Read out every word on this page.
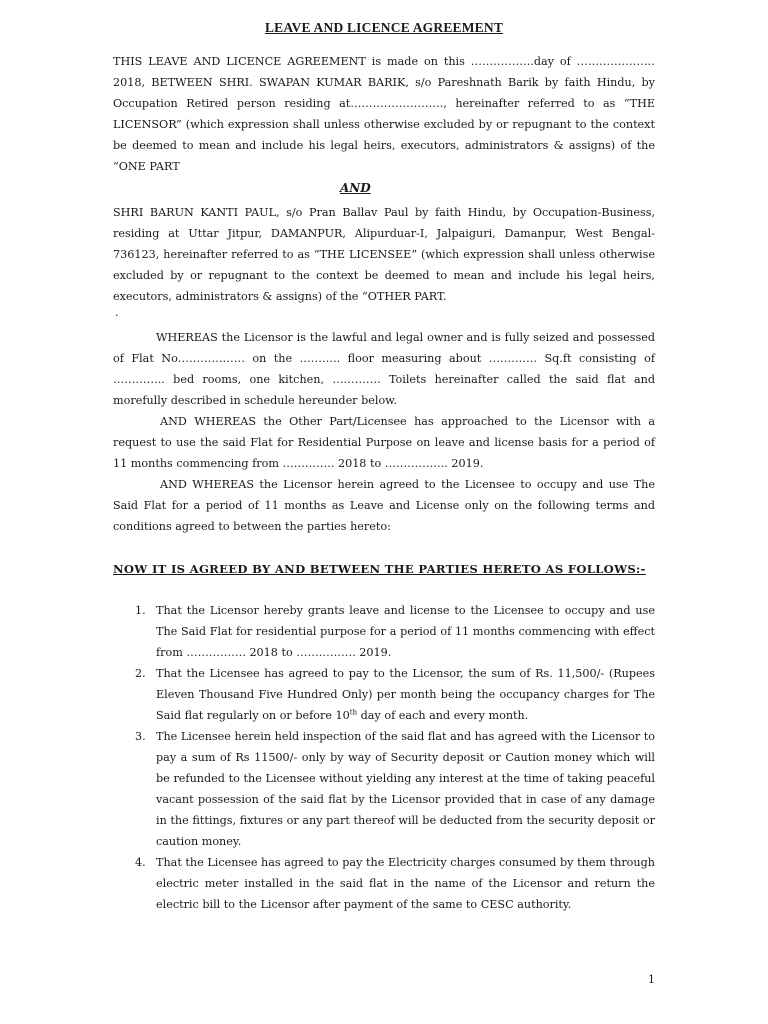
LEAVE AND LICENCE AGREEMENT
THIS LEAVE AND LICENCE AGREEMENT is made on this ……………..day of ………………… 2018, BETWEEN SHRI. SWAPAN KUMAR BARIK, s/o Pareshnath Barik by faith Hindu, by Occupation Retired person residing at……………………., hereinafter referred to as “THE LICENSOR” (which expression shall unless otherwise excluded by or repugnant to the context be deemed to mean and include his legal heirs, executors, administrators & assigns) of the “ONE PART
AND
SHRI BARUN KANTI PAUL, s/o Pran Ballav Paul by faith Hindu, by Occupation-Business, residing at Uttar Jitpur, DAMANPUR, Alipurduar-I, Jalpaiguri, Damanpur, West Bengal- 736123, hereinafter referred to as “THE LICENSEE” (which expression shall unless otherwise excluded by or repugnant to the context be deemed to mean and include his legal heirs, executors, administrators & assigns) of the “OTHER PART.
.
WHEREAS the Licensor is the lawful and legal owner and is fully seized and possessed of Flat No……………… on the ……….. floor measuring about …………. Sq.ft consisting of ………….. bed rooms, one kitchen, …………. Toilets hereinafter called the said flat and morefully described in schedule hereunder below.
AND WHEREAS the Other Part/Licensee has approached to the Licensor with a request to use the said Flat for Residential Purpose on leave and license basis for a period of 11 months commencing from ………….. 2018 to …………….. 2019.
AND WHEREAS the Licensor herein agreed to the Licensee to occupy and use The Said Flat for a period of 11 months as Leave and License only on the following terms and conditions agreed to between the parties hereto:
NOW IT IS AGREED BY AND BETWEEN THE PARTIES HERETO AS FOLLOWS:-
1. That the Licensor hereby grants leave and license to the Licensee to occupy and use The Said Flat for residential purpose for a period of 11 months commencing with effect from ……………. 2018 to ……………. 2019.
2. That the Licensee has agreed to pay to the Licensor, the sum of Rs. 11,500/- (Rupees Eleven Thousand Five Hundred Only) per month being the occupancy charges for The Said flat regularly on or before 10th day of each and every month.
3. The Licensee herein held inspection of the said flat and has agreed with the Licensor to pay a sum of Rs 11500/- only by way of Security deposit or Caution money which will be refunded to the Licensee without yielding any interest at the time of taking peaceful vacant possession of the said flat by the Licensor provided that in case of any damage in the fittings, fixtures or any part thereof will be deducted from the security deposit or caution money.
4. That the Licensee has agreed to pay the Electricity charges consumed by them through electric meter installed in the said flat in the name of the Licensor and return the electric bill to the Licensor after payment of the same to CESC authority.
1
